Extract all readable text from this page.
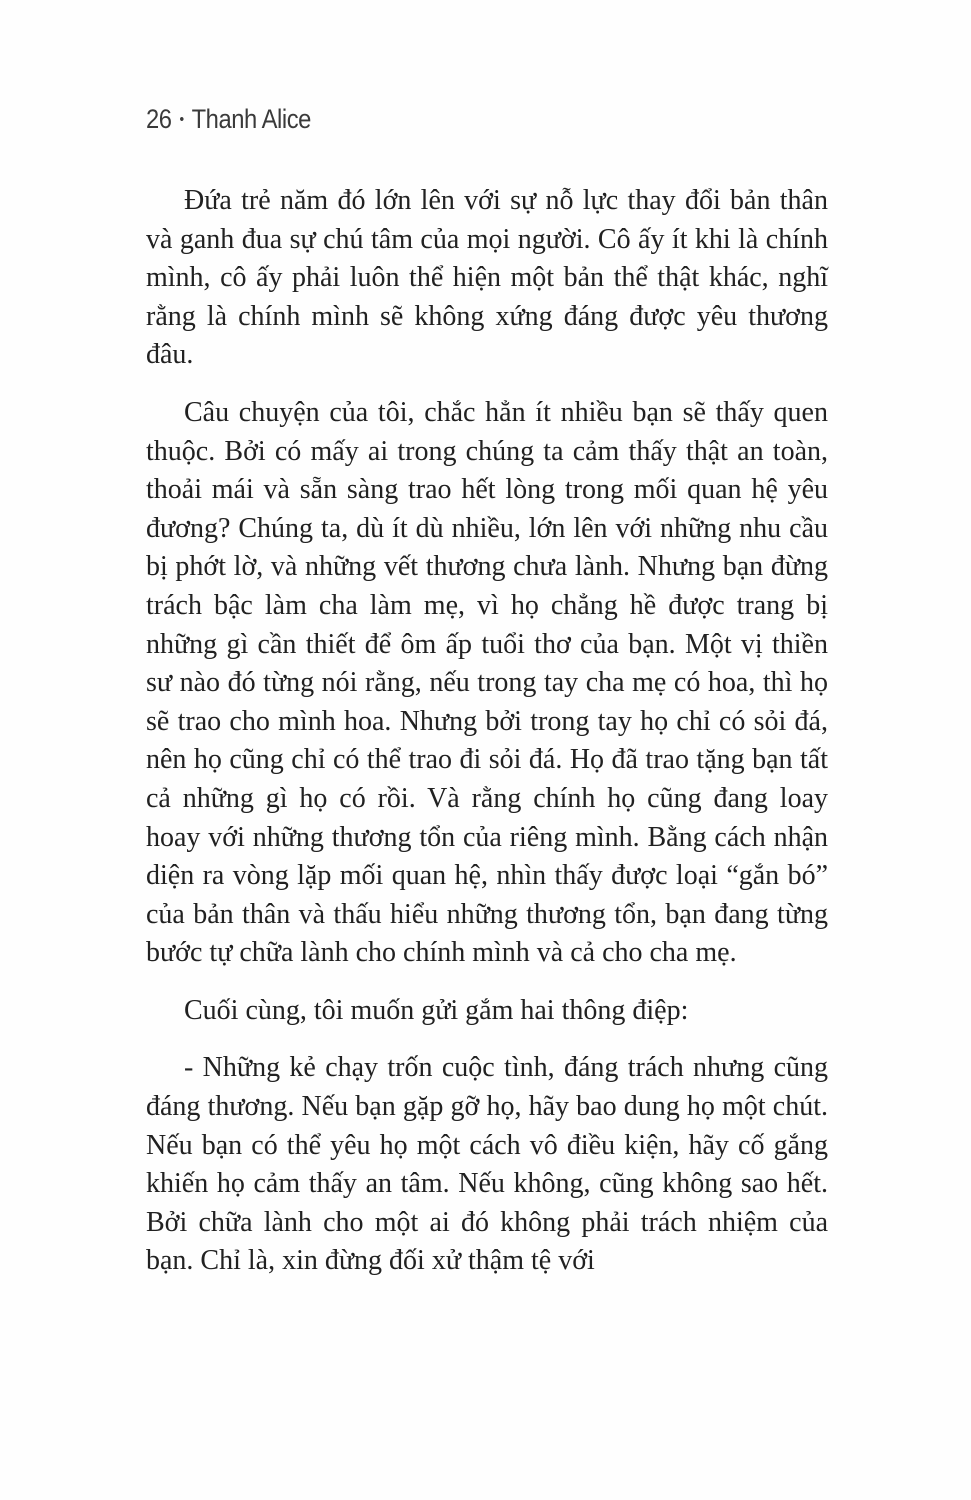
26 • Thanh Alice

Đứa trẻ năm đó lớn lên với sự nỗ lực thay đổi bản thân và ganh đua sự chú tâm của mọi người. Cô ấy ít khi là chính mình, cô ấy phải luôn thể hiện một bản thể thật khác, nghĩ rằng là chính mình sẽ không xứng đáng được yêu thương đâu.

Câu chuyện của tôi, chắc hẳn ít nhiều bạn sẽ thấy quen thuộc. Bởi có mấy ai trong chúng ta cảm thấy thật an toàn, thoải mái và sẵn sàng trao hết lòng trong mối quan hệ yêu đương? Chúng ta, dù ít dù nhiều, lớn lên với những nhu cầu bị phớt lờ, và những vết thương chưa lành. Nhưng bạn đừng trách bậc làm cha làm mẹ, vì họ chẳng hề được trang bị những gì cần thiết để ôm ấp tuổi thơ của bạn. Một vị thiền sư nào đó từng nói rằng, nếu trong tay cha mẹ có hoa, thì họ sẽ trao cho mình hoa. Nhưng bởi trong tay họ chỉ có sỏi đá, nên họ cũng chỉ có thể trao đi sỏi đá. Họ đã trao tặng bạn tất cả những gì họ có rồi. Và rằng chính họ cũng đang loay hoay với những thương tổn của riêng mình. Bằng cách nhận diện ra vòng lặp mối quan hệ, nhìn thấy được loại “gắn bó” của bản thân và thấu hiểu những thương tổn, bạn đang từng bước tự chữa lành cho chính mình và cả cho cha mẹ.

Cuối cùng, tôi muốn gửi gắm hai thông điệp:

- Những kẻ chạy trốn cuộc tình, đáng trách nhưng cũng đáng thương. Nếu bạn gặp gỡ họ, hãy bao dung họ một chút. Nếu bạn có thể yêu họ một cách vô điều kiện, hãy cố gắng khiến họ cảm thấy an tâm. Nếu không, cũng không sao hết. Bởi chữa lành cho một ai đó không phải trách nhiệm của bạn. Chỉ là, xin đừng đối xử thậm tệ với
